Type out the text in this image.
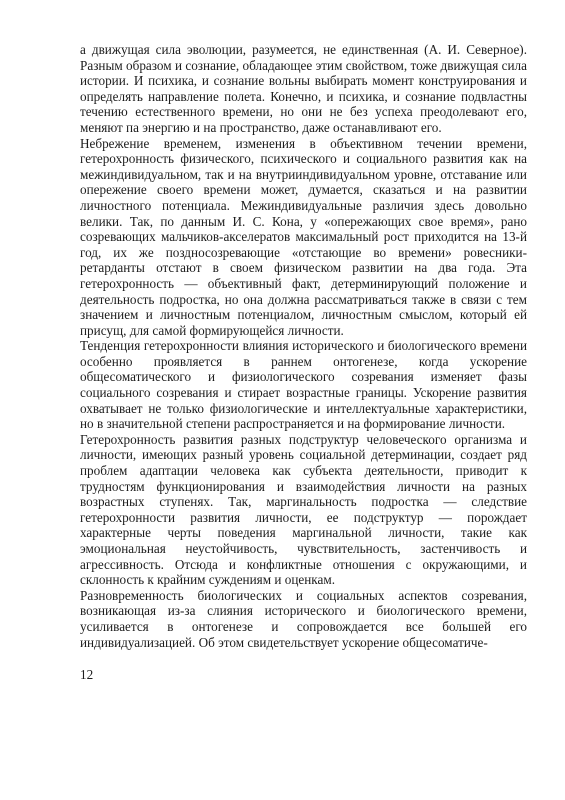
а движущая сила эволюции, разумеется, не единственная (А. И. Северное). Разным образом и сознание, обладающее этим свойством, тоже движущая сила истории. И психика, и сознание вольны выбирать момент конструирования и определять направление полета. Конечно, и психика, и сознание подвластны течению естественного времени, но они не без успеха преодолевают его, меняют па энергию и на пространство, даже останавливают его.

Небрежение временем, изменения в объективном течении времени, гетерохронность физического, психического и социального развития как на межиндивидуальном, так и на внутрииндивидуальном уровне, отставание или опережение своего времени может, думается, сказаться и на развитии личностного потенциала. Межиндивидуальные различия здесь довольно велики. Так, по данным И. С. Кона, у «опережающих свое время», рано созревающих мальчиков-акселератов максимальный рост приходится на 13-й год, их же поздносозревающие «отстающие во времени» ровесники-ретарданты отстают в своем физическом развитии на два года. Эта гетерохронность — объективный факт, детерминирующий положение и деятельность подростка, но она должна рассматриваться также в связи с тем значением и личностным потенциалом, личностным смыслом, который ей присущ, для самой формирующейся личности.

Тенденция гетерохронности влияния исторического и биологического времени особенно проявляется в раннем онтогенезе, когда ускорение общесоматического и физиологического созревания изменяет фазы социального созревания и стирает возрастные границы. Ускорение развития охватывает не только физиологические и интеллектуальные характеристики, но в значительной степени распространяется и на формирование личности.

Гетерохронность развития разных подструктур человеческого организма и личности, имеющих разный уровень социальной детерминации, создает ряд проблем адаптации человека как субъекта деятельности, приводит к трудностям функционирования и взаимодействия личности на разных возрастных ступенях. Так, маргинальность подростка — следствие гетерохронности развития личности, ее подструктур — порождает характерные черты поведения маргинальной личности, такие как эмоциональная неустойчивость, чувствительность, застенчивость и агрессивность. Отсюда и конфликтные отношения с окружающими, и склонность к крайним суждениям и оценкам.

Разновременность биологических и социальных аспектов созревания, возникающая из-за слияния исторического и биологического времени, усиливается в онтогенезе и сопровождается все большей его индивидуализацией. Об этом свидетельствует ускорение общесоматиче-

12
